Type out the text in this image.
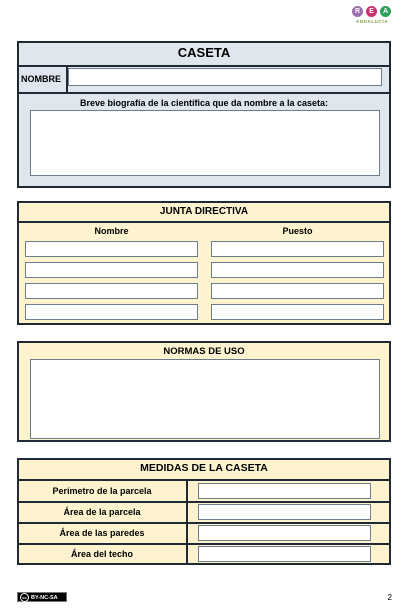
R	E	A
ANDALUCÍA
CASETA
NOMBRE
Breve biografía de la científica que da nombre a la caseta:
JUNTA DIRECTIVA
Nombre	Puesto
NORMAS DE USO
MEDIDAS DE LA CASETA
Perímetro de la parcela
Área de la parcela
Área de las paredes
Área del techo
cc BY-NC-SA	2
